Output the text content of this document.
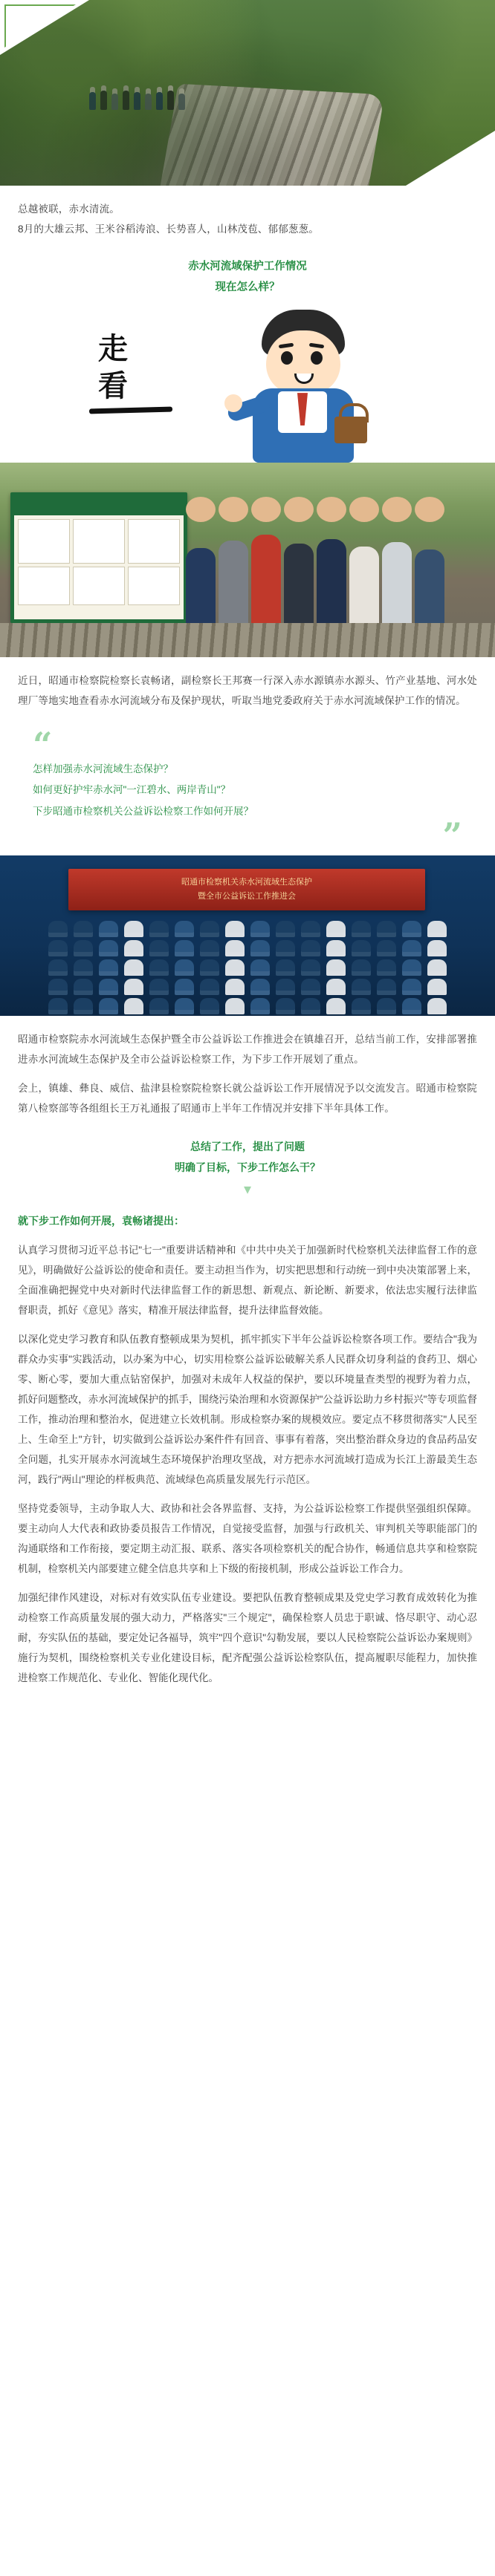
总越被联，赤水清流。
8月的大雄云邦、王米谷稻涛浪、长势喜人，山林茂苞、郁郁葱葱。
赤水河流域保护工作情况
现在怎么样？
走
看
近日，昭通市检察院检察长袁畅诸，副检察长王邦赛一行深入赤水源镇赤水源头、竹产业基地、河水处理厂等地实地查看赤水河流域分布及保护现状，听取当地党委政府关于赤水河流域保护工作的情况。
“
怎样加强赤水河流域生态保护？
如何更好护牢赤水河"一江碧水、两岸青山"？
下步昭通市检察机关公益诉讼检察工作如何开展？
”
昭通市检察机关赤水河流域生态保护
暨全市公益诉讼工作推进会
昭通市检察院赤水河流域生态保护暨全市公益诉讼工作推进会在镇雄召开，总结当前工作，安排部署推进赤水河流域生态保护及全市公益诉讼检察工作，为下步工作开展划了重点。
会上，镇雄、彝良、威信、盐津县检察院检察长就公益诉讼工作开展情况予以交流发言。昭通市检察院第八检察部等各组组长王万礼通报了昭通市上半年工作情况并安排下半年具体工作。
总结了工作，提出了问题
明确了目标，下步工作怎么干？
▾
就下步工作如何开展，袁畅诸提出：
认真学习贯彻习近平总书记"七一"重要讲话精神和《中共中央关于加强新时代检察机关法律监督工作的意见》，明确做好公益诉讼的使命和责任。要主动担当作为，切实把思想和行动统一到中央决策部署上来，全面准确把握党中央对新时代法律监督工作的新思想、新观点、新论断、新要求，依法忠实履行法律监督职责，抓好《意见》落实，精准开展法律监督，提升法律监督效能。
以深化党史学习教育和队伍教育整顿成果为契机，抓牢抓实下半年公益诉讼检察各项工作。要结合"我为群众办实事"实践活动，以办案为中心，切实用检察公益诉讼破解关系人民群众切身利益的食药卫、烟心零、断心零，要加大重点钻窑保护，加强对未成年人权益的保护，要以环境量查类型的视野为着力点，抓好问题整改，赤水河流域保护的抓手，围绕污染治理和水资源保护"公益诉讼助力乡村振兴"等专项监督工作，推动治理和整治水，促进建立长效机制。形成检察办案的规模效应。要定点不移贯彻落实"人民至上、生命至上"方针，切实做到公益诉讼办案件件有回音、事事有着落，突出整治群众身边的食品药品安全问题，扎实开展赤水河流域生态环境保护治理攻坚战，对方把赤水河流域打造成为长江上游最美生态河，践行"两山"理论的样板典范、流域绿色高质量发展先行示范区。
坚持党委领导，主动争取人大、政协和社会各界监督、支持，为公益诉讼检察工作提供坚强组织保障。要主动向人大代表和政协委员报告工作情况，自觉接受监督，加强与行政机关、审判机关等职能部门的沟通联络和工作衔接，要定期主动汇报、联系、落实各项检察机关的配合协作，畅通信息共享和检察院机制，检察机关内部要建立健全信息共享和上下级的衔接机制，形成公益诉讼工作合力。
加强纪律作风建设，对标对有效实队伍专业建设。要把队伍教育整顿成果及党史学习教育成效转化为推动检察工作高质量发展的强大动力，严格落实"三个规定"，确保检察人员忠于职诚、恪尽职守、动心忍耐，夯实队伍的基础，要定处记各福导，筑牢"四个意识"勾勒发展，要以人民检察院公益诉讼办案规则》施行为契机，围绕检察机关专业化建设目标，配齐配强公益诉讼检察队伍，提高履职尽能程力，加快推进检察工作规范化、专业化、智能化现代化。
